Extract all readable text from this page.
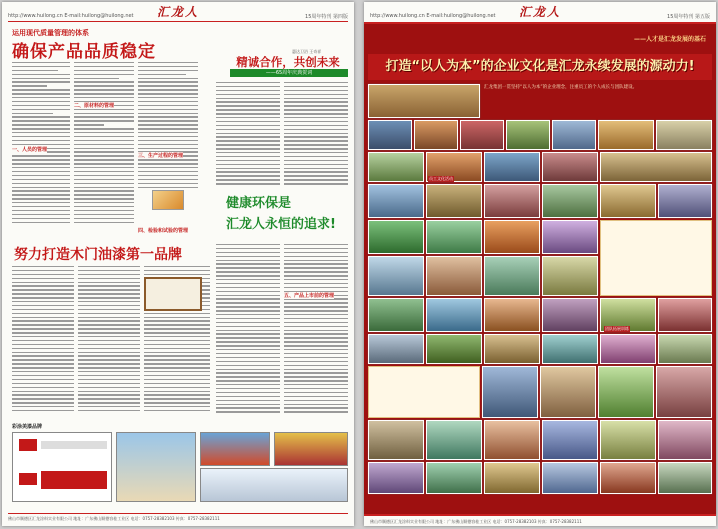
http://www.huilong.cn E-mail:huilong@huilong.net 汇龙人	15周年特刊 第四版
运用现代质量管理的体系
确保产品品质稳定
一、人员的管理
二、原材料的管理
三、生产过程的管理
四、检验和试验的管理
惠达卫浴 王奇祥
精诚合作，共创未来
——65周年庆典贺词
健康环保是
汇龙人永恒的追求!
五、产品上市前的管理
努力打造木门油漆第一品牌
彩涂美漆品牌
佛山市顺德区汇龙涂料实业有限公司 地址：广东佛山顺德容桂工业区 电话：0757-28382103 传真：0757-28382111
http://www.huilong.cn E-mail:huilong@huilong.net 汇龙人	15周年特刊 第五版
——人才是汇龙发展的基石
打造“以人为本”的企业文化是汇龙永续发展的源动力!
汇龙集团一贯坚持“以人为本”的企业理念，注重员工的个人成长与团队建设。
员工文化活动
团队拓展训练
佛山市顺德区汇龙涂料实业有限公司 地址：广东佛山顺德容桂工业区 电话：0757-28382103 传真：0757-28382111
